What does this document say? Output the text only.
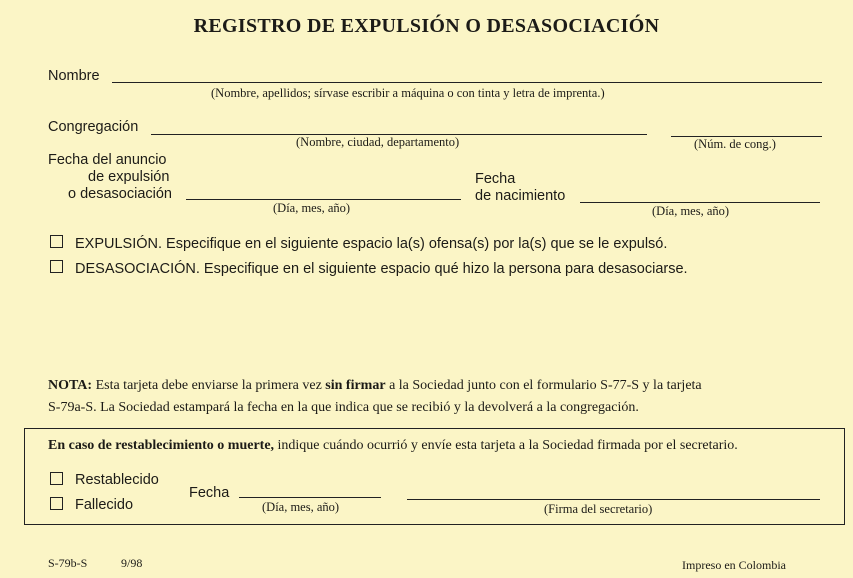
REGISTRO DE EXPULSIÓN O DESASOCIACIÓN
Nombre
(Nombre, apellidos; sírvase escribir a máquina o con tinta y letra de imprenta.)
Congregación
(Nombre, ciudad, departamento)	(Núm. de cong.)
Fecha del anuncio
de expulsión
o desasociación
(Día, mes, año)
Fecha
de nacimiento
(Día, mes, año)
EXPULSIÓN. Especifique en el siguiente espacio la(s) ofensa(s) por la(s) que se le expulsó.
DESASOCIACIÓN. Especifique en el siguiente espacio qué hizo la persona para desasociarse.
NOTA: Esta tarjeta debe enviarse la primera vez sin firmar a la Sociedad junto con el formulario S-77-S y la tarjeta
S-79a-S. La Sociedad estampará la fecha en la que indica que se recibió y la devolverá a la congregación.
En caso de restablecimiento o muerte, indique cuándo ocurrió y envíe esta tarjeta a la Sociedad firmada por el secretario.
Restablecido
Fallecido
Fecha
(Día, mes, año)	(Firma del secretario)
S-79b-S	9/98	Impreso en Colombia
